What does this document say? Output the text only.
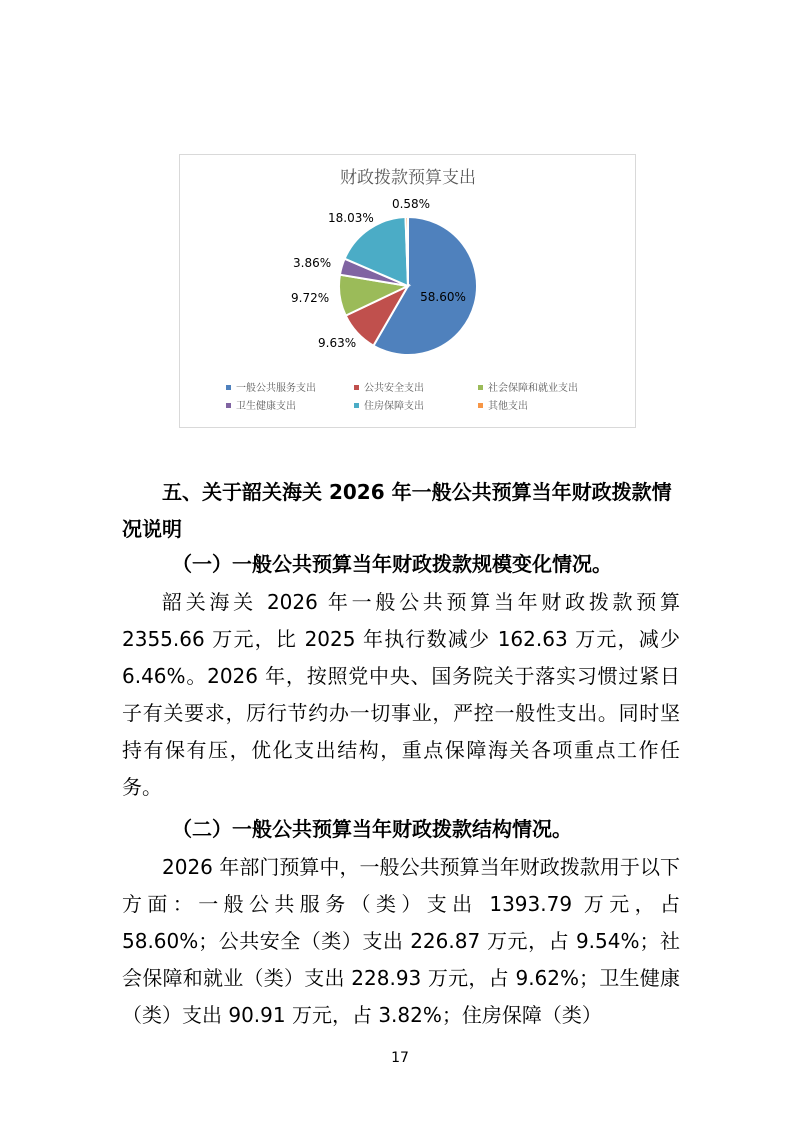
财政拨款预算支出
58.60%
9.63%
9.72%
3.86%
18.03%
0.58%
一般公共服务支出	公共安全支出	社会保障和就业支出
卫生健康支出	住房保障支出	其他支出

五、关于韶关海关 2026 年一般公共预算当年财政拨款情况说明

（一）一般公共预算当年财政拨款规模变化情况。

韶关海关 2026 年一般公共预算当年财政拨款预算 2355.66 万元，比 2025 年执行数减少 162.63 万元，减少 6.46%。2026 年，按照党中央、国务院关于落实习惯过紧日子有关要求，厉行节约办一切事业，严控一般性支出。同时坚持有保有压，优化支出结构，重点保障海关各项重点工作任务。

（二）一般公共预算当年财政拨款结构情况。

2026 年部门预算中，一般公共预算当年财政拨款用于以下方面：一般公共服务（类）支出 1393.79 万元，占 58.60%；公共安全（类）支出 226.87 万元，占 9.54%；社会保障和就业（类）支出 228.93 万元，占 9.62%；卫生健康（类）支出 90.91 万元，占 3.82%；住房保障（类）

17
